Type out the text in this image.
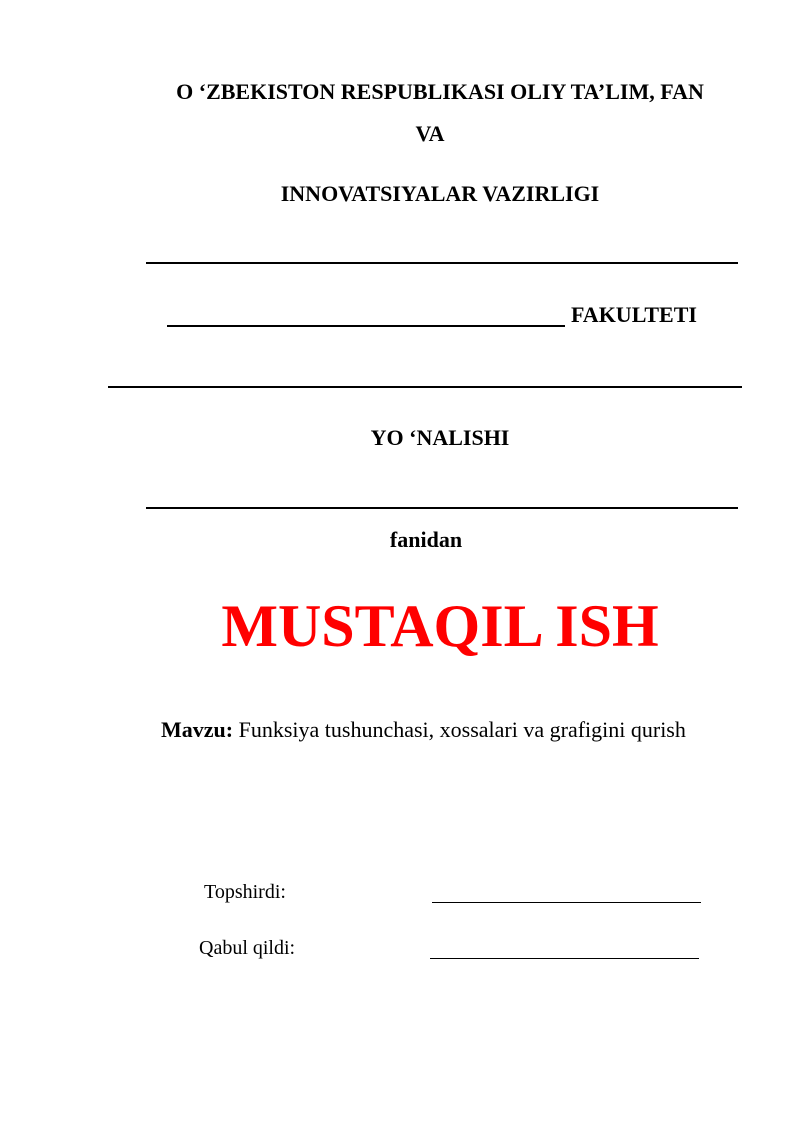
O ‘ZBEKISTON RESPUBLIKASI OLIY TA’LIM, FAN
VA
INNOVATSIYALAR VAZIRLIGI
FAKULTETI
YO ‘NALISHI
fanidan
MUSTAQIL ISH
Mavzu: Funksiya tushunchasi, xossalari va grafigini qurish
Topshirdi:
Qabul qildi:
